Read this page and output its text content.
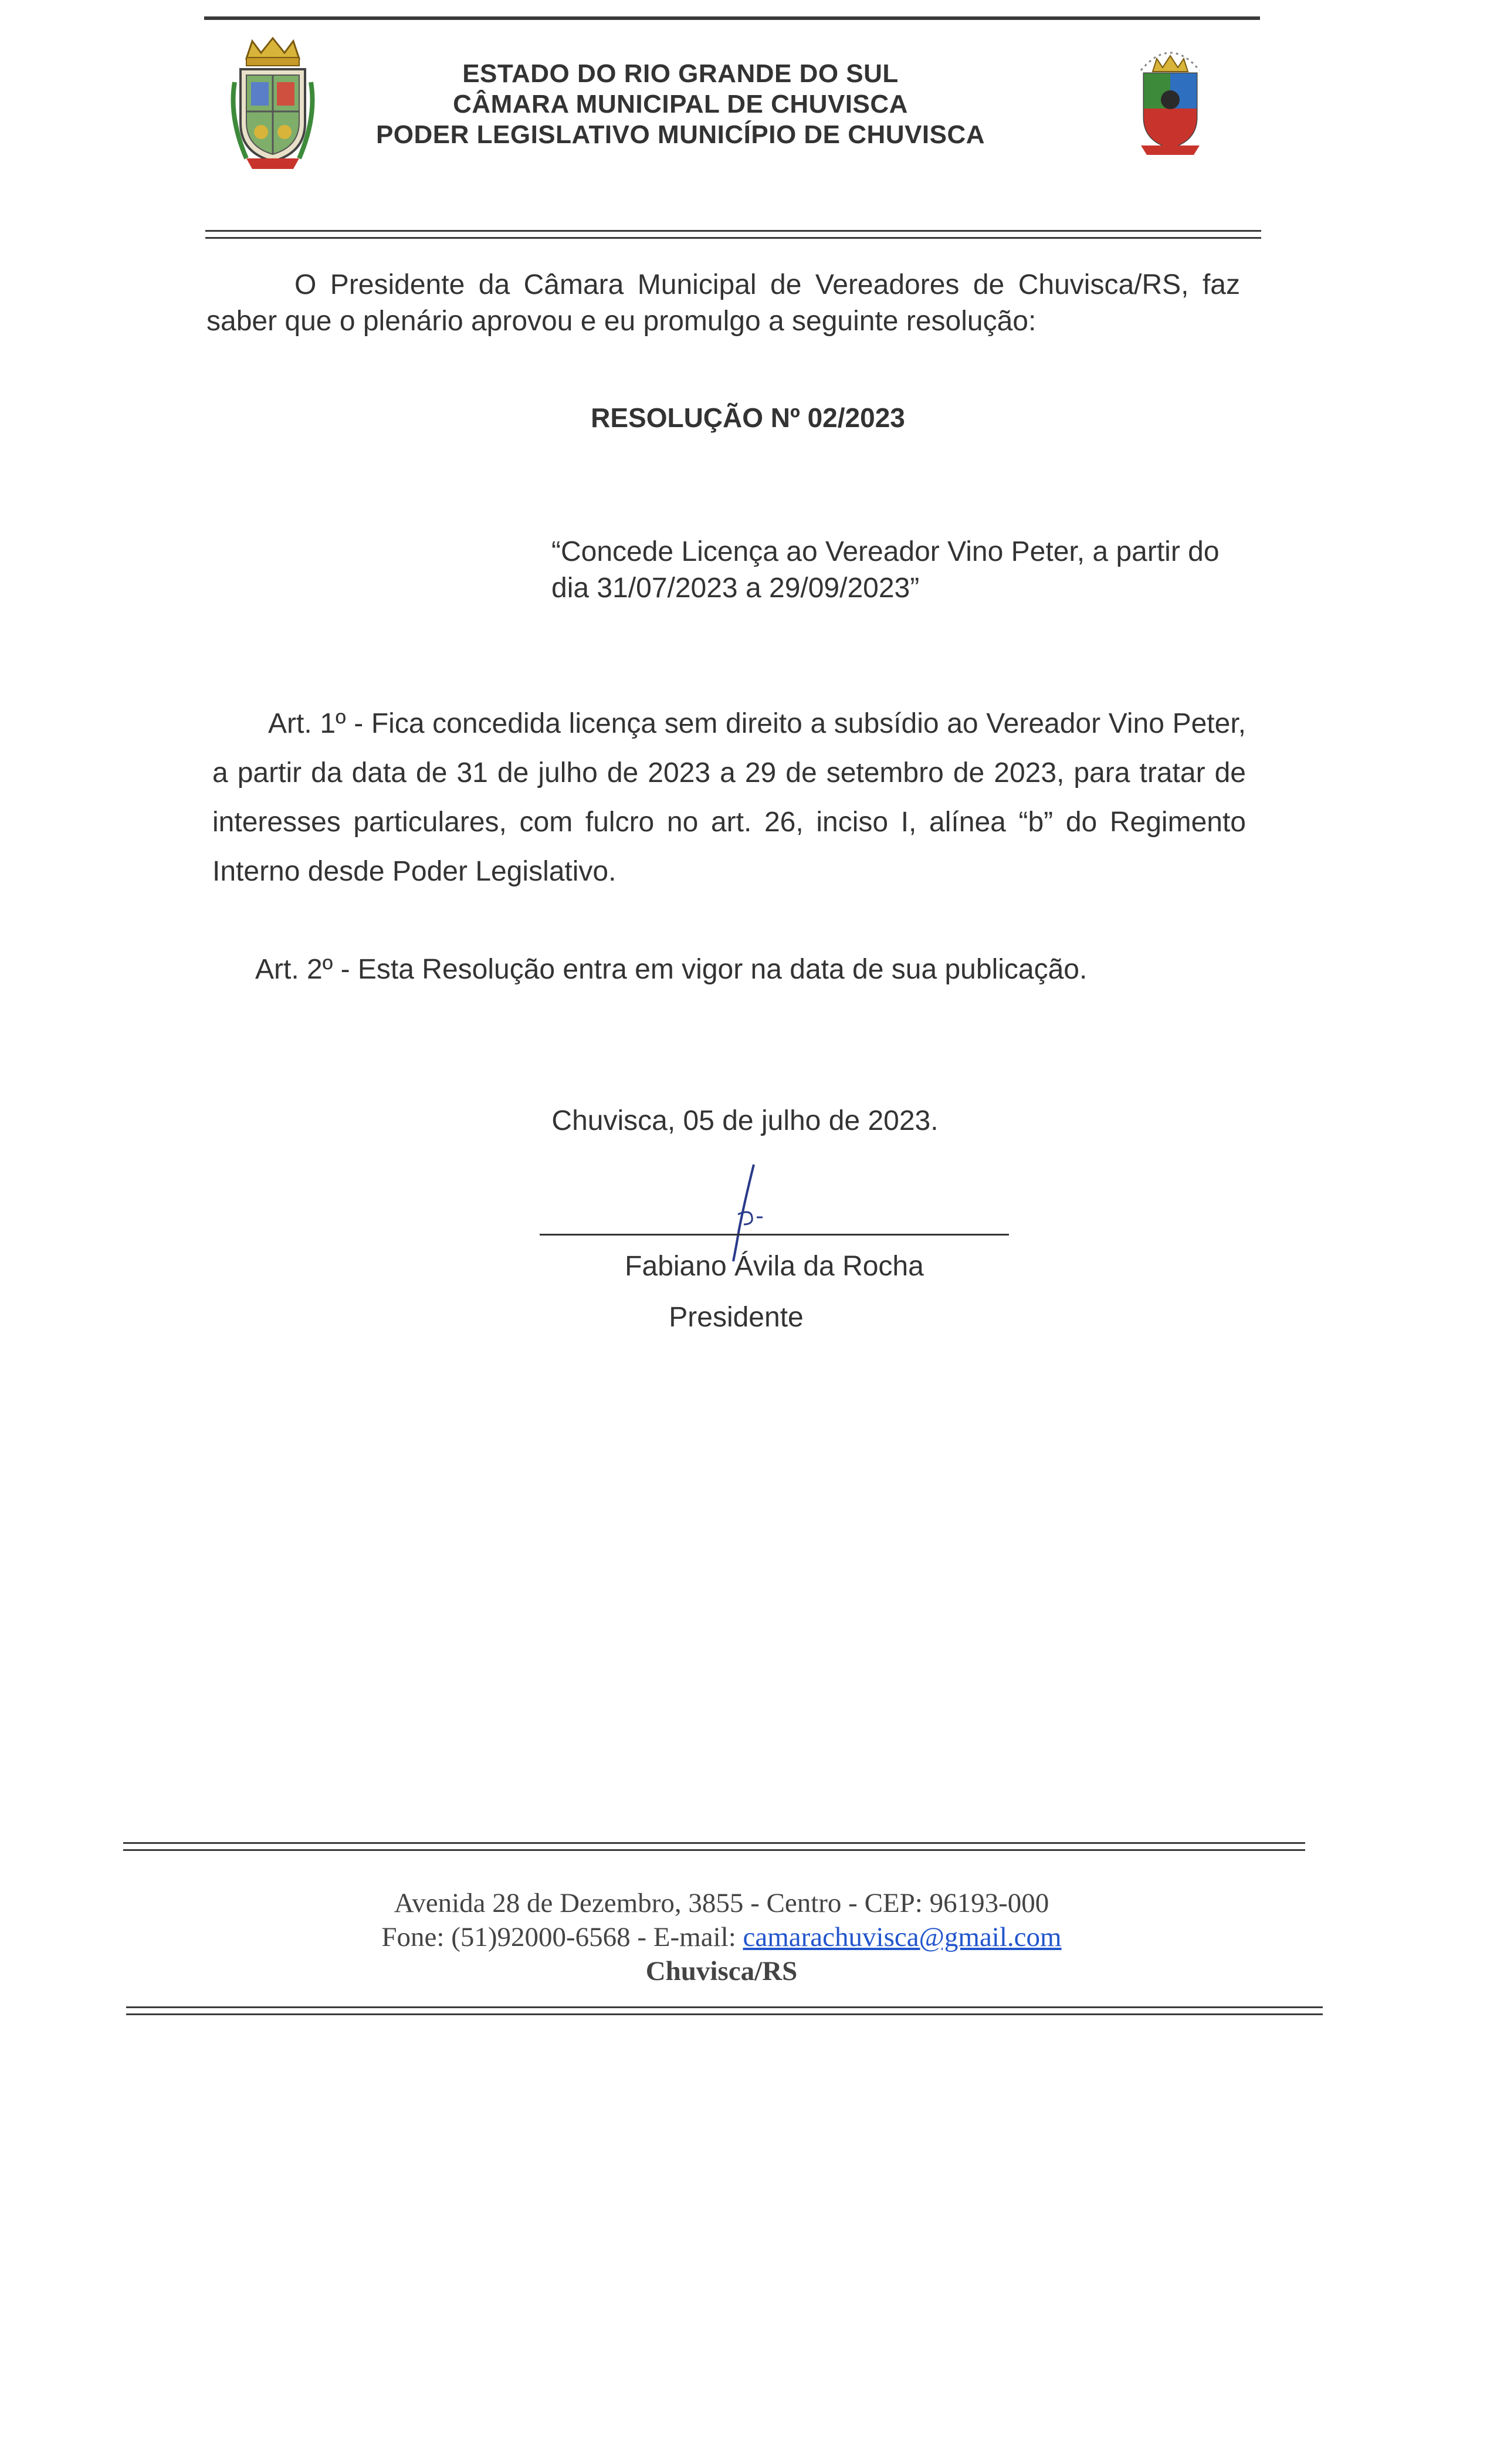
ESTADO DO RIO GRANDE DO SUL
CÂMARA MUNICIPAL DE CHUVISCA
PODER LEGISLATIVO MUNICÍPIO DE CHUVISCA
O Presidente da Câmara Municipal de Vereadores de Chuvisca/RS, faz saber que o plenário aprovou e eu promulgo a seguinte resolução:
RESOLUÇÃO Nº 02/2023
“Concede Licença ao Vereador Vino Peter, a partir do dia 31/07/2023 a 29/09/2023”
Art. 1º - Fica concedida licença sem direito a subsídio ao Vereador Vino Peter, a partir da data de 31 de julho de 2023 a 29 de setembro de 2023, para tratar de interesses particulares, com fulcro no art. 26, inciso I, alínea “b” do Regimento Interno desde Poder Legislativo.
Art. 2º - Esta Resolução entra em vigor na data de sua publicação.
Chuvisca, 05 de julho de 2023.
Fabiano Ávila da Rocha
Presidente
Avenida 28 de Dezembro, 3855 - Centro - CEP: 96193-000
Fone: (51)92000-6568 - E-mail: camarachuvisca@gmail.com
Chuvisca/RS
